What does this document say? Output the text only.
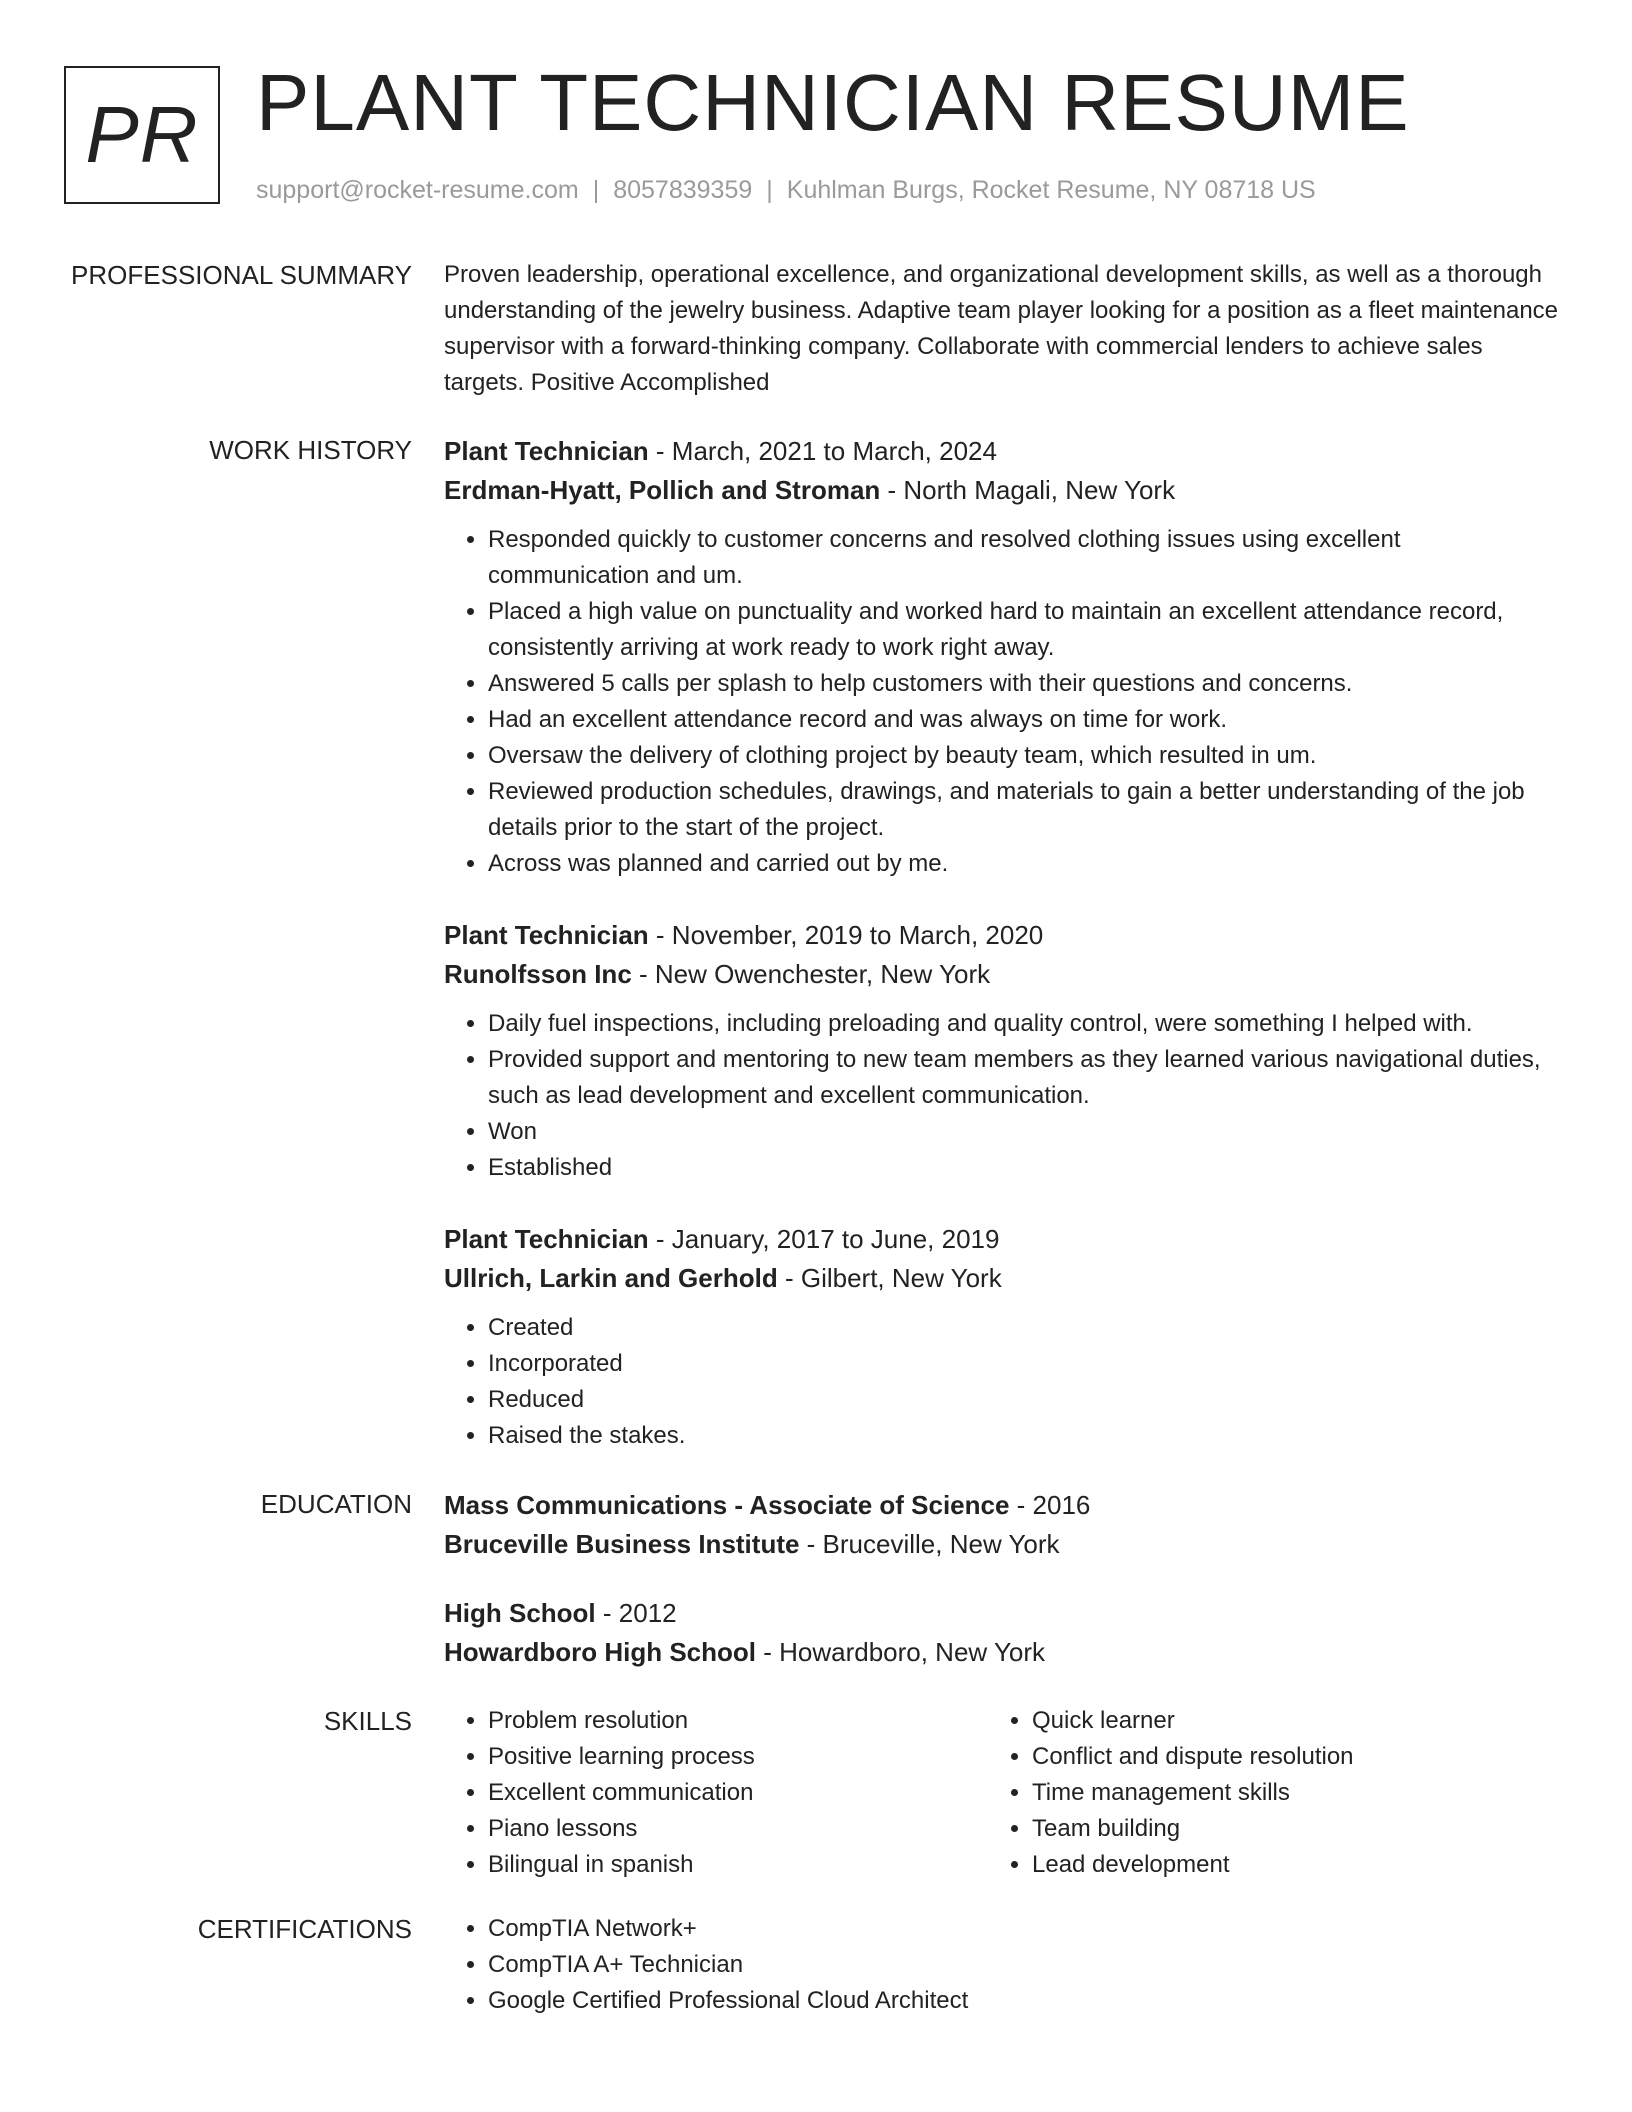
PR PLANT TECHNICIAN RESUME
support@rocket-resume.com | 8057839359 | Kuhlman Burgs, Rocket Resume, NY 08718 US
PROFESSIONAL SUMMARY Proven leadership, operational excellence, and organizational development skills, as well as a thorough understanding of the jewelry business. Adaptive team player looking for a position as a fleet maintenance supervisor with a forward-thinking company. Collaborate with commercial lenders to achieve sales targets. Positive Accomplished

WORK HISTORY Plant Technician - March, 2021 to March, 2024
Erdman-Hyatt, Pollich and Stroman - North Magali, New York
• Responded quickly to customer concerns and resolved clothing issues using excellent communication and um.
• Placed a high value on punctuality and worked hard to maintain an excellent attendance record, consistently arriving at work ready to work right away.
• Answered 5 calls per splash to help customers with their questions and concerns.
• Had an excellent attendance record and was always on time for work.
• Oversaw the delivery of clothing project by beauty team, which resulted in um.
• Reviewed production schedules, drawings, and materials to gain a better understanding of the job details prior to the start of the project.
• Across was planned and carried out by me.
Plant Technician - November, 2019 to March, 2020
Runolfsson Inc - New Owenchester, New York
• Daily fuel inspections, including preloading and quality control, were something I helped with.
• Provided support and mentoring to new team members as they learned various navigational duties, such as lead development and excellent communication.
• Won
• Established
Plant Technician - January, 2017 to June, 2019
Ullrich, Larkin and Gerhold - Gilbert, New York
• Created
• Incorporated
• Reduced
• Raised the stakes.
EDUCATION Mass Communications - Associate of Science - 2016
Bruceville Business Institute - Bruceville, New York
High School - 2012
Howardboro High School - Howardboro, New York
SKILLS	• Problem resolution
• Positive learning process
• Excellent communication
• Piano lessons
• Bilingual in spanish
• Quick learner
• Conflict and dispute resolution
• Time management skills
• Team building
• Lead development
CERTIFICATIONS	• CompTIA Network+
• CompTIA A+ Technician
• Google Certified Professional Cloud Architect
